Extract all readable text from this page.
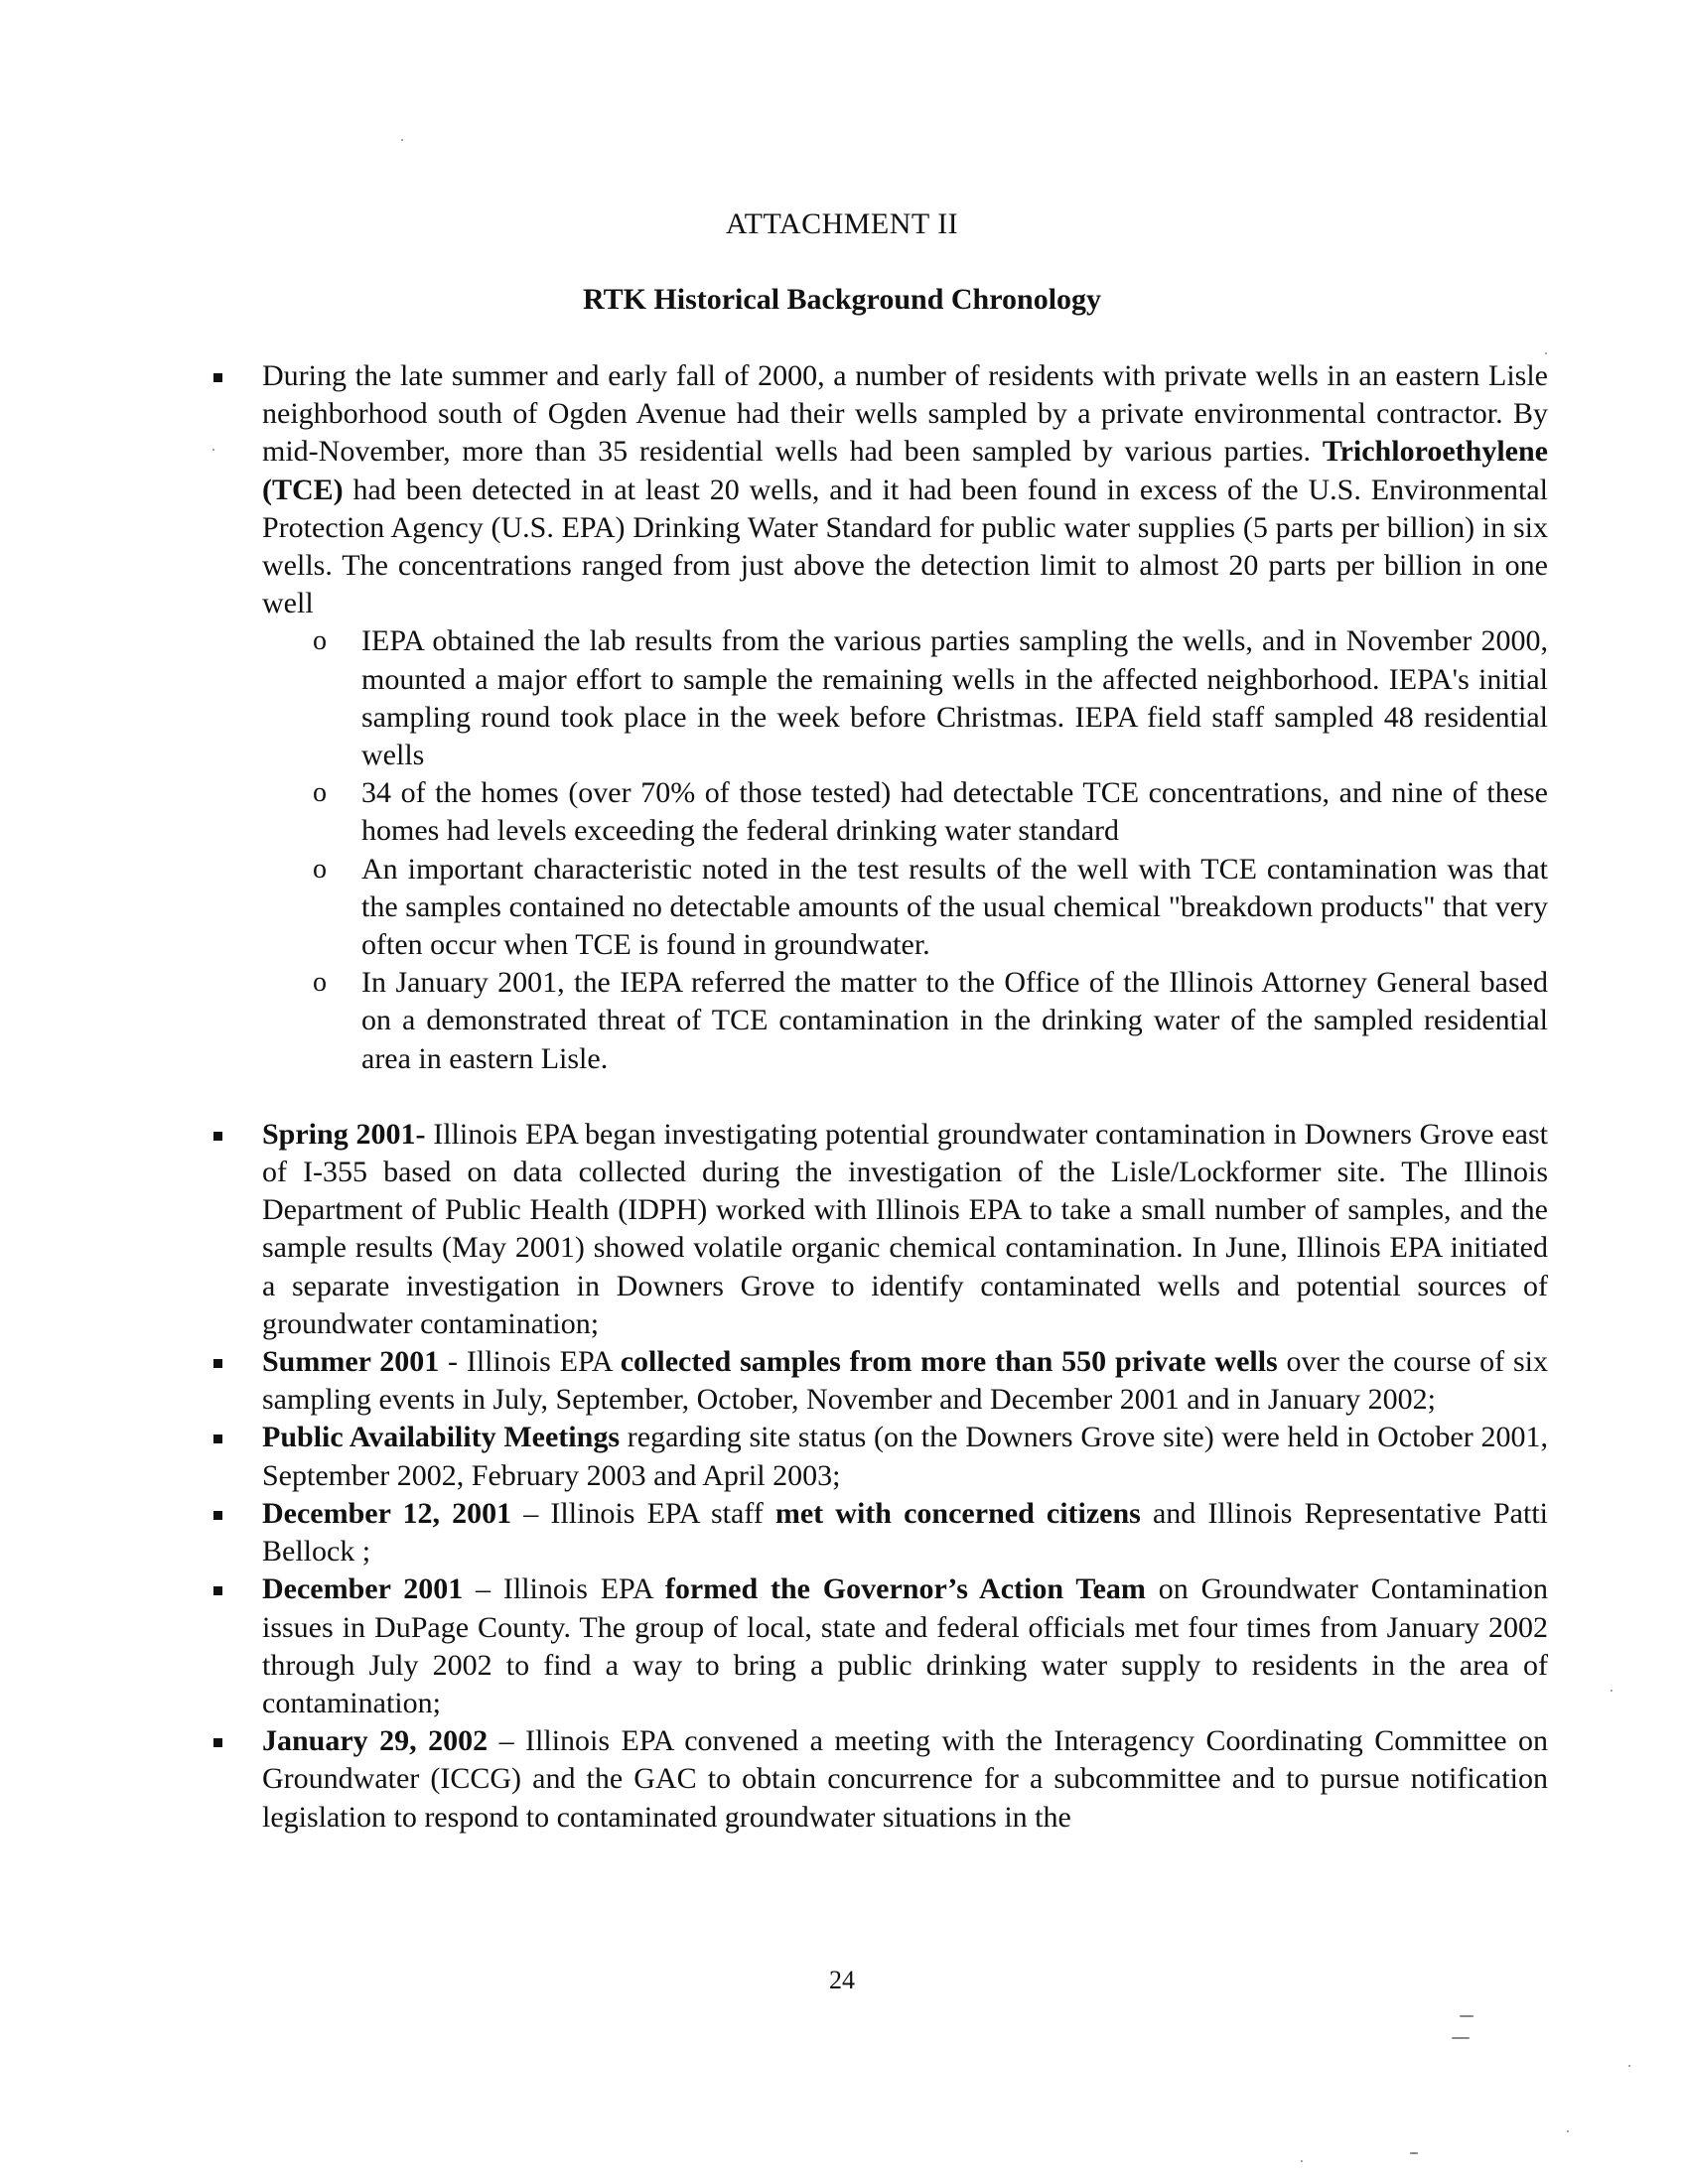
ATTACHMENT II
RTK Historical Background Chronology
During the late summer and early fall of 2000, a number of residents with private wells in an eastern Lisle neighborhood south of Ogden Avenue had their wells sampled by a private environmental contractor. By mid-November, more than 35 residential wells had been sampled by various parties. Trichloroethylene (TCE) had been detected in at least 20 wells, and it had been found in excess of the U.S. Environmental Protection Agency (U.S. EPA) Drinking Water Standard for public water supplies (5 parts per billion) in six wells. The concentrations ranged from just above the detection limit to almost 20 parts per billion in one well
o IEPA obtained the lab results from the various parties sampling the wells, and in November 2000, mounted a major effort to sample the remaining wells in the affected neighborhood. IEPA's initial sampling round took place in the week before Christmas. IEPA field staff sampled 48 residential wells
o 34 of the homes (over 70% of those tested) had detectable TCE concentrations, and nine of these homes had levels exceeding the federal drinking water standard
o An important characteristic noted in the test results of the well with TCE contamination was that the samples contained no detectable amounts of the usual chemical "breakdown products" that very often occur when TCE is found in groundwater.
o In January 2001, the IEPA referred the matter to the Office of the Illinois Attorney General based on a demonstrated threat of TCE contamination in the drinking water of the sampled residential area in eastern Lisle.
Spring 2001- Illinois EPA began investigating potential groundwater contamination in Downers Grove east of I-355 based on data collected during the investigation of the Lisle/Lockformer site. The Illinois Department of Public Health (IDPH) worked with Illinois EPA to take a small number of samples, and the sample results (May 2001) showed volatile organic chemical contamination. In June, Illinois EPA initiated a separate investigation in Downers Grove to identify contaminated wells and potential sources of groundwater contamination;
Summer 2001 - Illinois EPA collected samples from more than 550 private wells over the course of six sampling events in July, September, October, November and December 2001 and in January 2002;
Public Availability Meetings regarding site status (on the Downers Grove site) were held in October 2001, September 2002, February 2003 and April 2003;
December 12, 2001 – Illinois EPA staff met with concerned citizens and Illinois Representative Patti Bellock ;
December 2001 – Illinois EPA formed the Governor’s Action Team on Groundwater Contamination issues in DuPage County. The group of local, state and federal officials met four times from January 2002 through July 2002 to find a way to bring a public drinking water supply to residents in the area of contamination;
January 29, 2002 – Illinois EPA convened a meeting with the Interagency Coordinating Committee on Groundwater (ICCG) and the GAC to obtain concurrence for a subcommittee and to pursue notification legislation to respond to contaminated groundwater situations in the
24
